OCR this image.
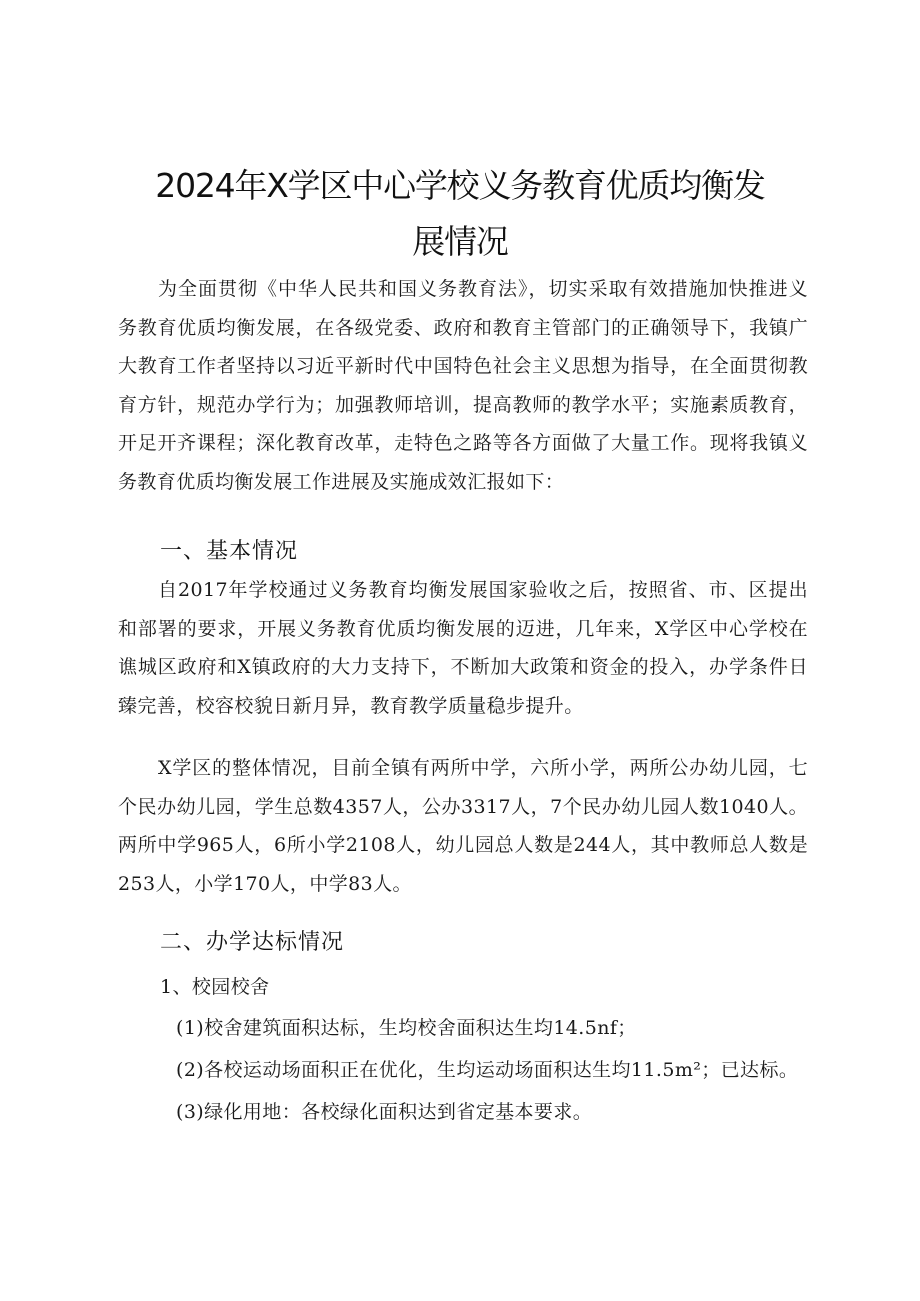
2024年X学区中心学校义务教育优质均衡发
展情况

为全面贯彻《中华人民共和国义务教育法》，切实采取有效措施加快推进义务教育优质均衡发展，在各级党委、政府和教育主管部门的正确领导下，我镇广大教育工作者坚持以习近平新时代中国特色社会主义思想为指导，在全面贯彻教育方针，规范办学行为；加强教师培训，提高教师的教学水平；实施素质教育，开足开齐课程；深化教育改革，走特色之路等各方面做了大量工作。现将我镇义务教育优质均衡发展工作进展及实施成效汇报如下：

一、基本情况

自2017年学校通过义务教育均衡发展国家验收之后，按照省、市、区提出和部署的要求，开展义务教育优质均衡发展的迈进，几年来，X学区中心学校在谯城区政府和X镇政府的大力支持下，不断加大政策和资金的投入，办学条件日臻完善，校容校貌日新月异，教育教学质量稳步提升。

X学区的整体情况，目前全镇有两所中学，六所小学，两所公办幼儿园，七个民办幼儿园，学生总数4357人，公办3317人，7个民办幼儿园人数1040人。两所中学965人，6所小学2108人，幼儿园总人数是244人，其中教师总人数是253人，小学170人，中学83人。

二、办学达标情况

1、校园校舍

(1)校舍建筑面积达标，生均校舍面积达生均14.5nf；

(2)各校运动场面积正在优化，生均运动场面积达生均11.5m²；已达标。

(3)绿化用地：各校绿化面积达到省定基本要求。
